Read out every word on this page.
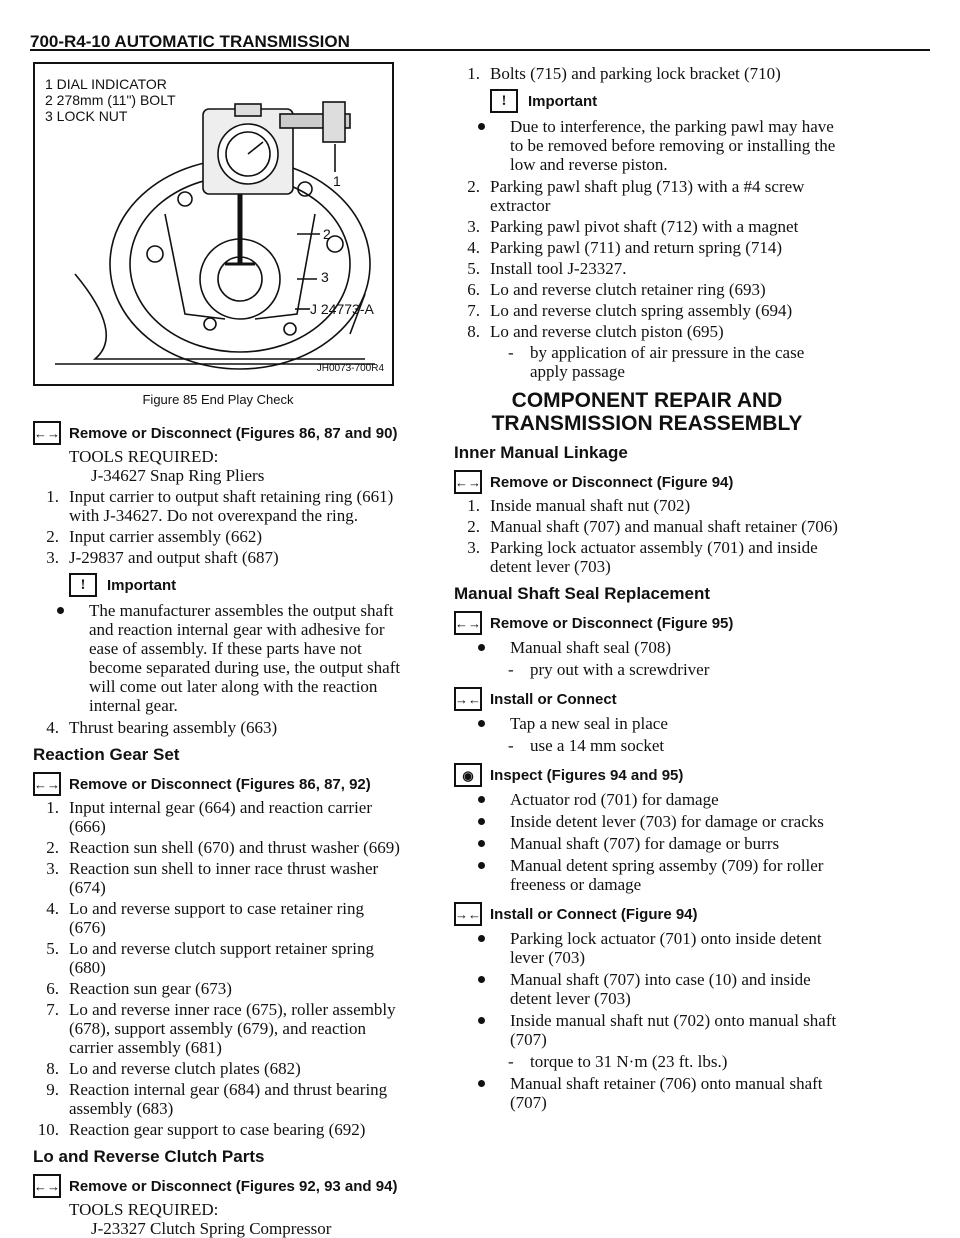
700-R4-10 AUTOMATIC TRANSMISSION
1
2
3
J 24773-A
1 DIAL INDICATOR
2 278mm (11") BOLT
3 LOCK NUT
JH0073-700R4
Figure 85 End Play Check
←→ Remove or Disconnect (Figures 86, 87 and 90)
TOOLS REQUIRED:
J-34627 Snap Ring Pliers
1. Input carrier to output shaft retaining ring (661) with J-34627. Do not overexpand the ring.
2. Input carrier assembly (662)
3. J-29837 and output shaft (687)
!	Important
The manufacturer assembles the output shaft and reaction internal gear with adhesive for ease of assembly. If these parts have not become separated during use, the output shaft will come out later along with the reaction internal gear.
4. Thrust bearing assembly (663)
Reaction Gear Set
←→ Remove or Disconnect (Figures 86, 87, 92)
1. Input internal gear (664) and reaction carrier (666)
2. Reaction sun shell (670) and thrust washer (669)
3. Reaction sun shell to inner race thrust washer (674)
4. Lo and reverse support to case retainer ring (676)
5. Lo and reverse clutch support retainer spring (680)
6. Reaction sun gear (673)
7. Lo and reverse inner race (675), roller assembly (678), support assembly (679), and reaction carrier assembly (681)
8. Lo and reverse clutch plates (682)
9. Reaction internal gear (684) and thrust bearing assembly (683)
10. Reaction gear support to case bearing (692)
Lo and Reverse Clutch Parts
←→ Remove or Disconnect (Figures 92, 93 and 94)
TOOLS REQUIRED:
J-23327 Clutch Spring Compressor
1. Bolts (715) and parking lock bracket (710)
!	Important
Due to interference, the parking pawl may have to be removed before removing or installing the low and reverse piston.
2. Parking pawl shaft plug (713) with a #4 screw extractor
3. Parking pawl pivot shaft (712) with a magnet
4. Parking pawl (711) and return spring (714)
5. Install tool J-23327.
6. Lo and reverse clutch retainer ring (693)
7. Lo and reverse clutch spring assembly (694)
8. Lo and reverse clutch piston (695)
- by application of air pressure in the case apply passage
COMPONENT REPAIR AND
TRANSMISSION REASSEMBLY
Inner Manual Linkage
←→ Remove or Disconnect (Figure 94)
1. Inside manual shaft nut (702)
2. Manual shaft (707) and manual shaft retainer (706)
3. Parking lock actuator assembly (701) and inside detent lever (703)
Manual Shaft Seal Replacement
←→ Remove or Disconnect (Figure 95)
Manual shaft seal (708)
- pry out with a screwdriver
→← Install or Connect
Tap a new seal in place
- use a 14 mm socket
◉	Inspect (Figures 94 and 95)
Actuator rod (701) for damage
Inside detent lever (703) for damage or cracks
Manual shaft (707) for damage or burrs
Manual detent spring assemby (709) for roller freeness or damage
→← Install or Connect (Figure 94)
Parking lock actuator (701) onto inside detent lever (703)
Manual shaft (707) into case (10) and inside detent lever (703)
Inside manual shaft nut (702) onto manual shaft (707)
- torque to 31 N·m (23 ft. lbs.)
Manual shaft retainer (706) onto manual shaft (707)
